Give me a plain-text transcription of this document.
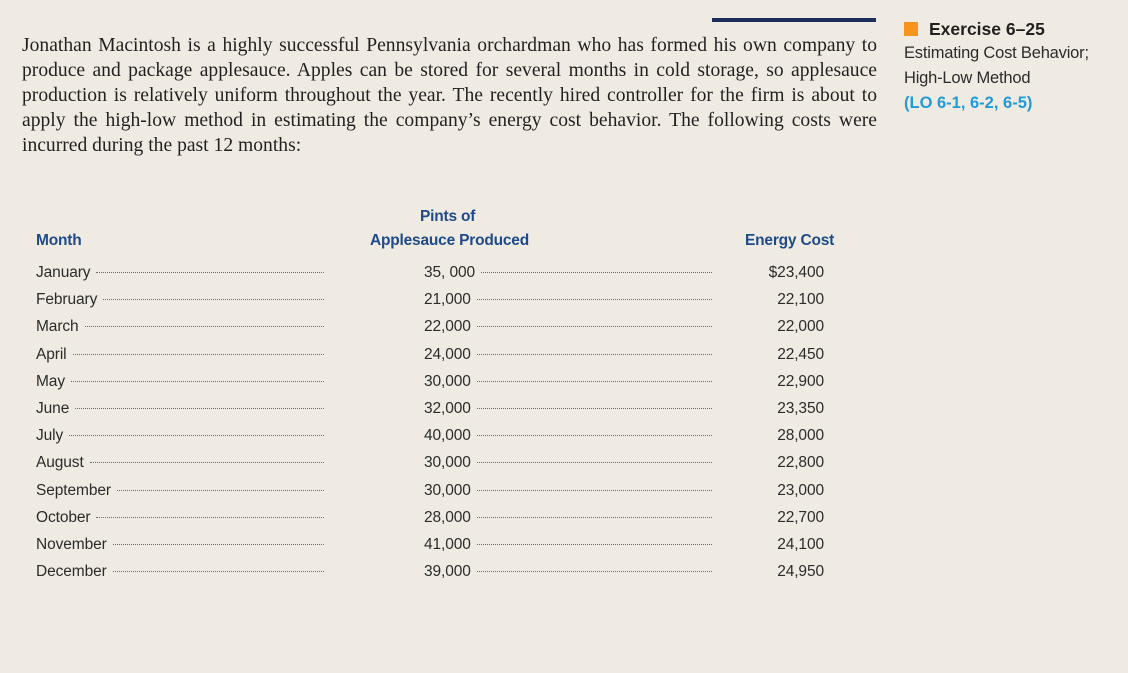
Jonathan Macintosh is a highly successful Pennsylvania orchardman who has formed his own company to produce and package applesauce. Apples can be stored for several months in cold storage, so applesauce production is relatively uniform throughout the year. The recently hired controller for the firm is about to apply the high-low method in estimating the company’s energy cost behavior. The following costs were incurred during the past 12 months:

Exercise 6–25
Estimating Cost Behavior;
High-Low Method
(LO 6-1, 6-2, 6-5)
Month
Pints of
Applesauce Produced	Energy Cost
January	35, 000	$23,400
February	21,000	22,100
March	22,000	22,000
April	24,000	22,450
May	30,000	22,900
June	32,000	23,350
July	40,000	28,000
August	30,000	22,800
September	30,000	23,000
October	28,000	22,700
November	41,000	24,100
December	39,000	24,950
